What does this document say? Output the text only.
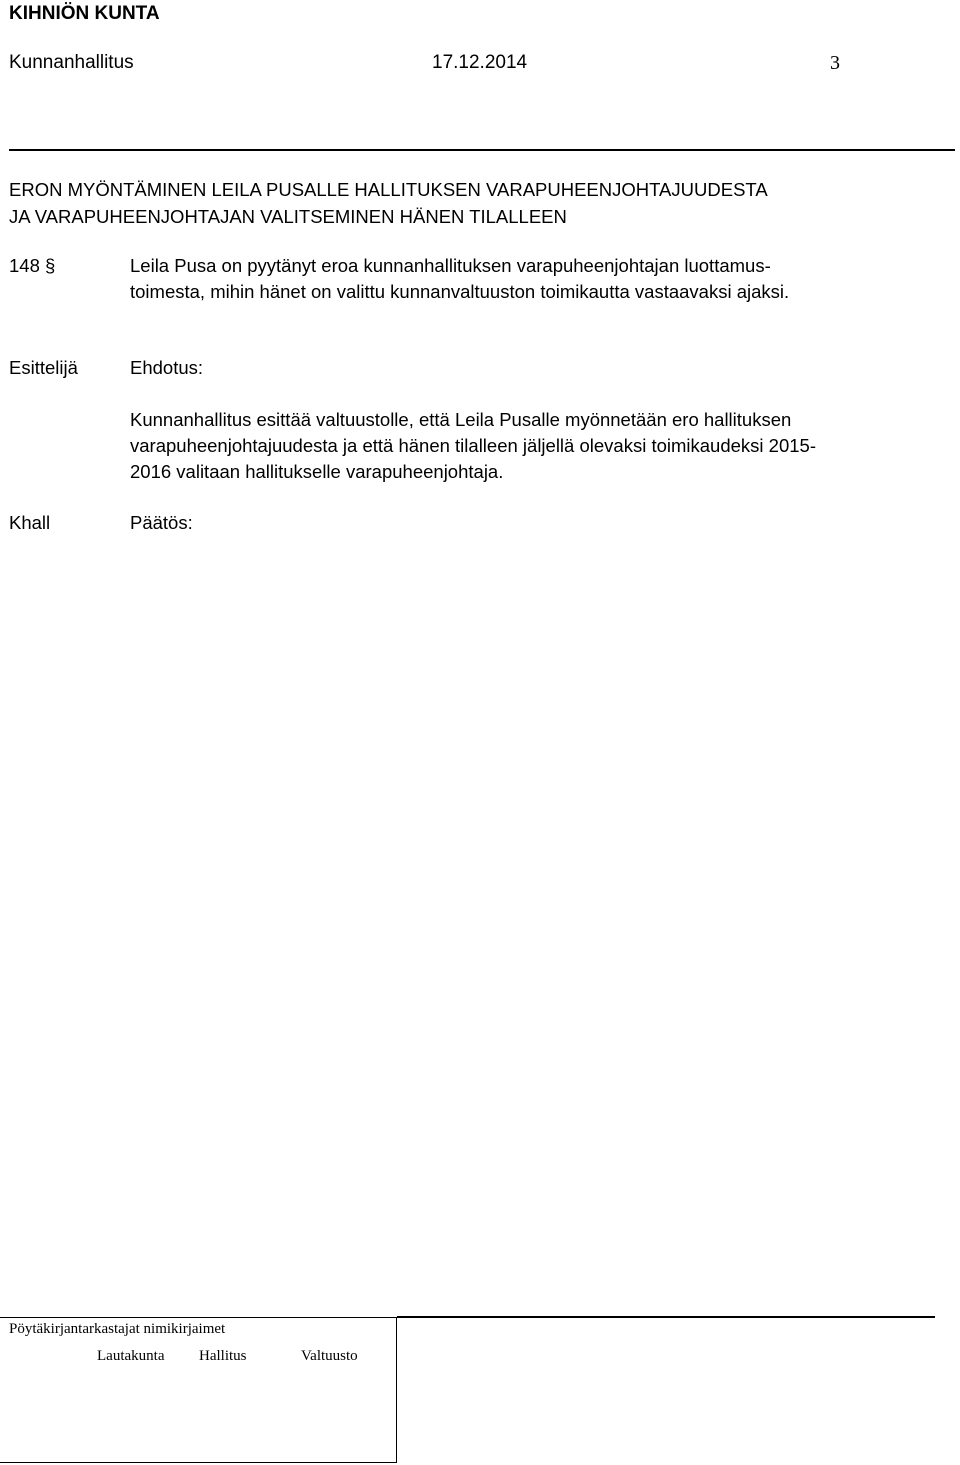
KIHNIÖN KUNTA
Kunnanhallitus	17.12.2014	3
ERON MYÖNTÄMINEN LEILA PUSALLE HALLITUKSEN VARAPUHEENJOHTAJUUDESTA
JA VARAPUHEENJOHTAJAN VALITSEMINEN HÄNEN TILALLEEN
148 §	Leila Pusa on pyytänyt eroa kunnanhallituksen varapuheenjohtajan luottamus-
toimesta, mihin hänet on valittu kunnanvaltuuston toimikautta vastaavaksi ajaksi.
Esittelijä	Ehdotus:
Kunnanhallitus esittää valtuustolle, että Leila Pusalle myönnetään ero hallituksen
varapuheenjohtajuudesta ja että hänen tilalleen jäljellä olevaksi toimikaudeksi 2015-
2016 valitaan hallitukselle varapuheenjohtaja.
Khall	Päätös:
Pöytäkirjantarkastajat nimikirjaimet
Lautakunta Hallitus	Valtuusto
